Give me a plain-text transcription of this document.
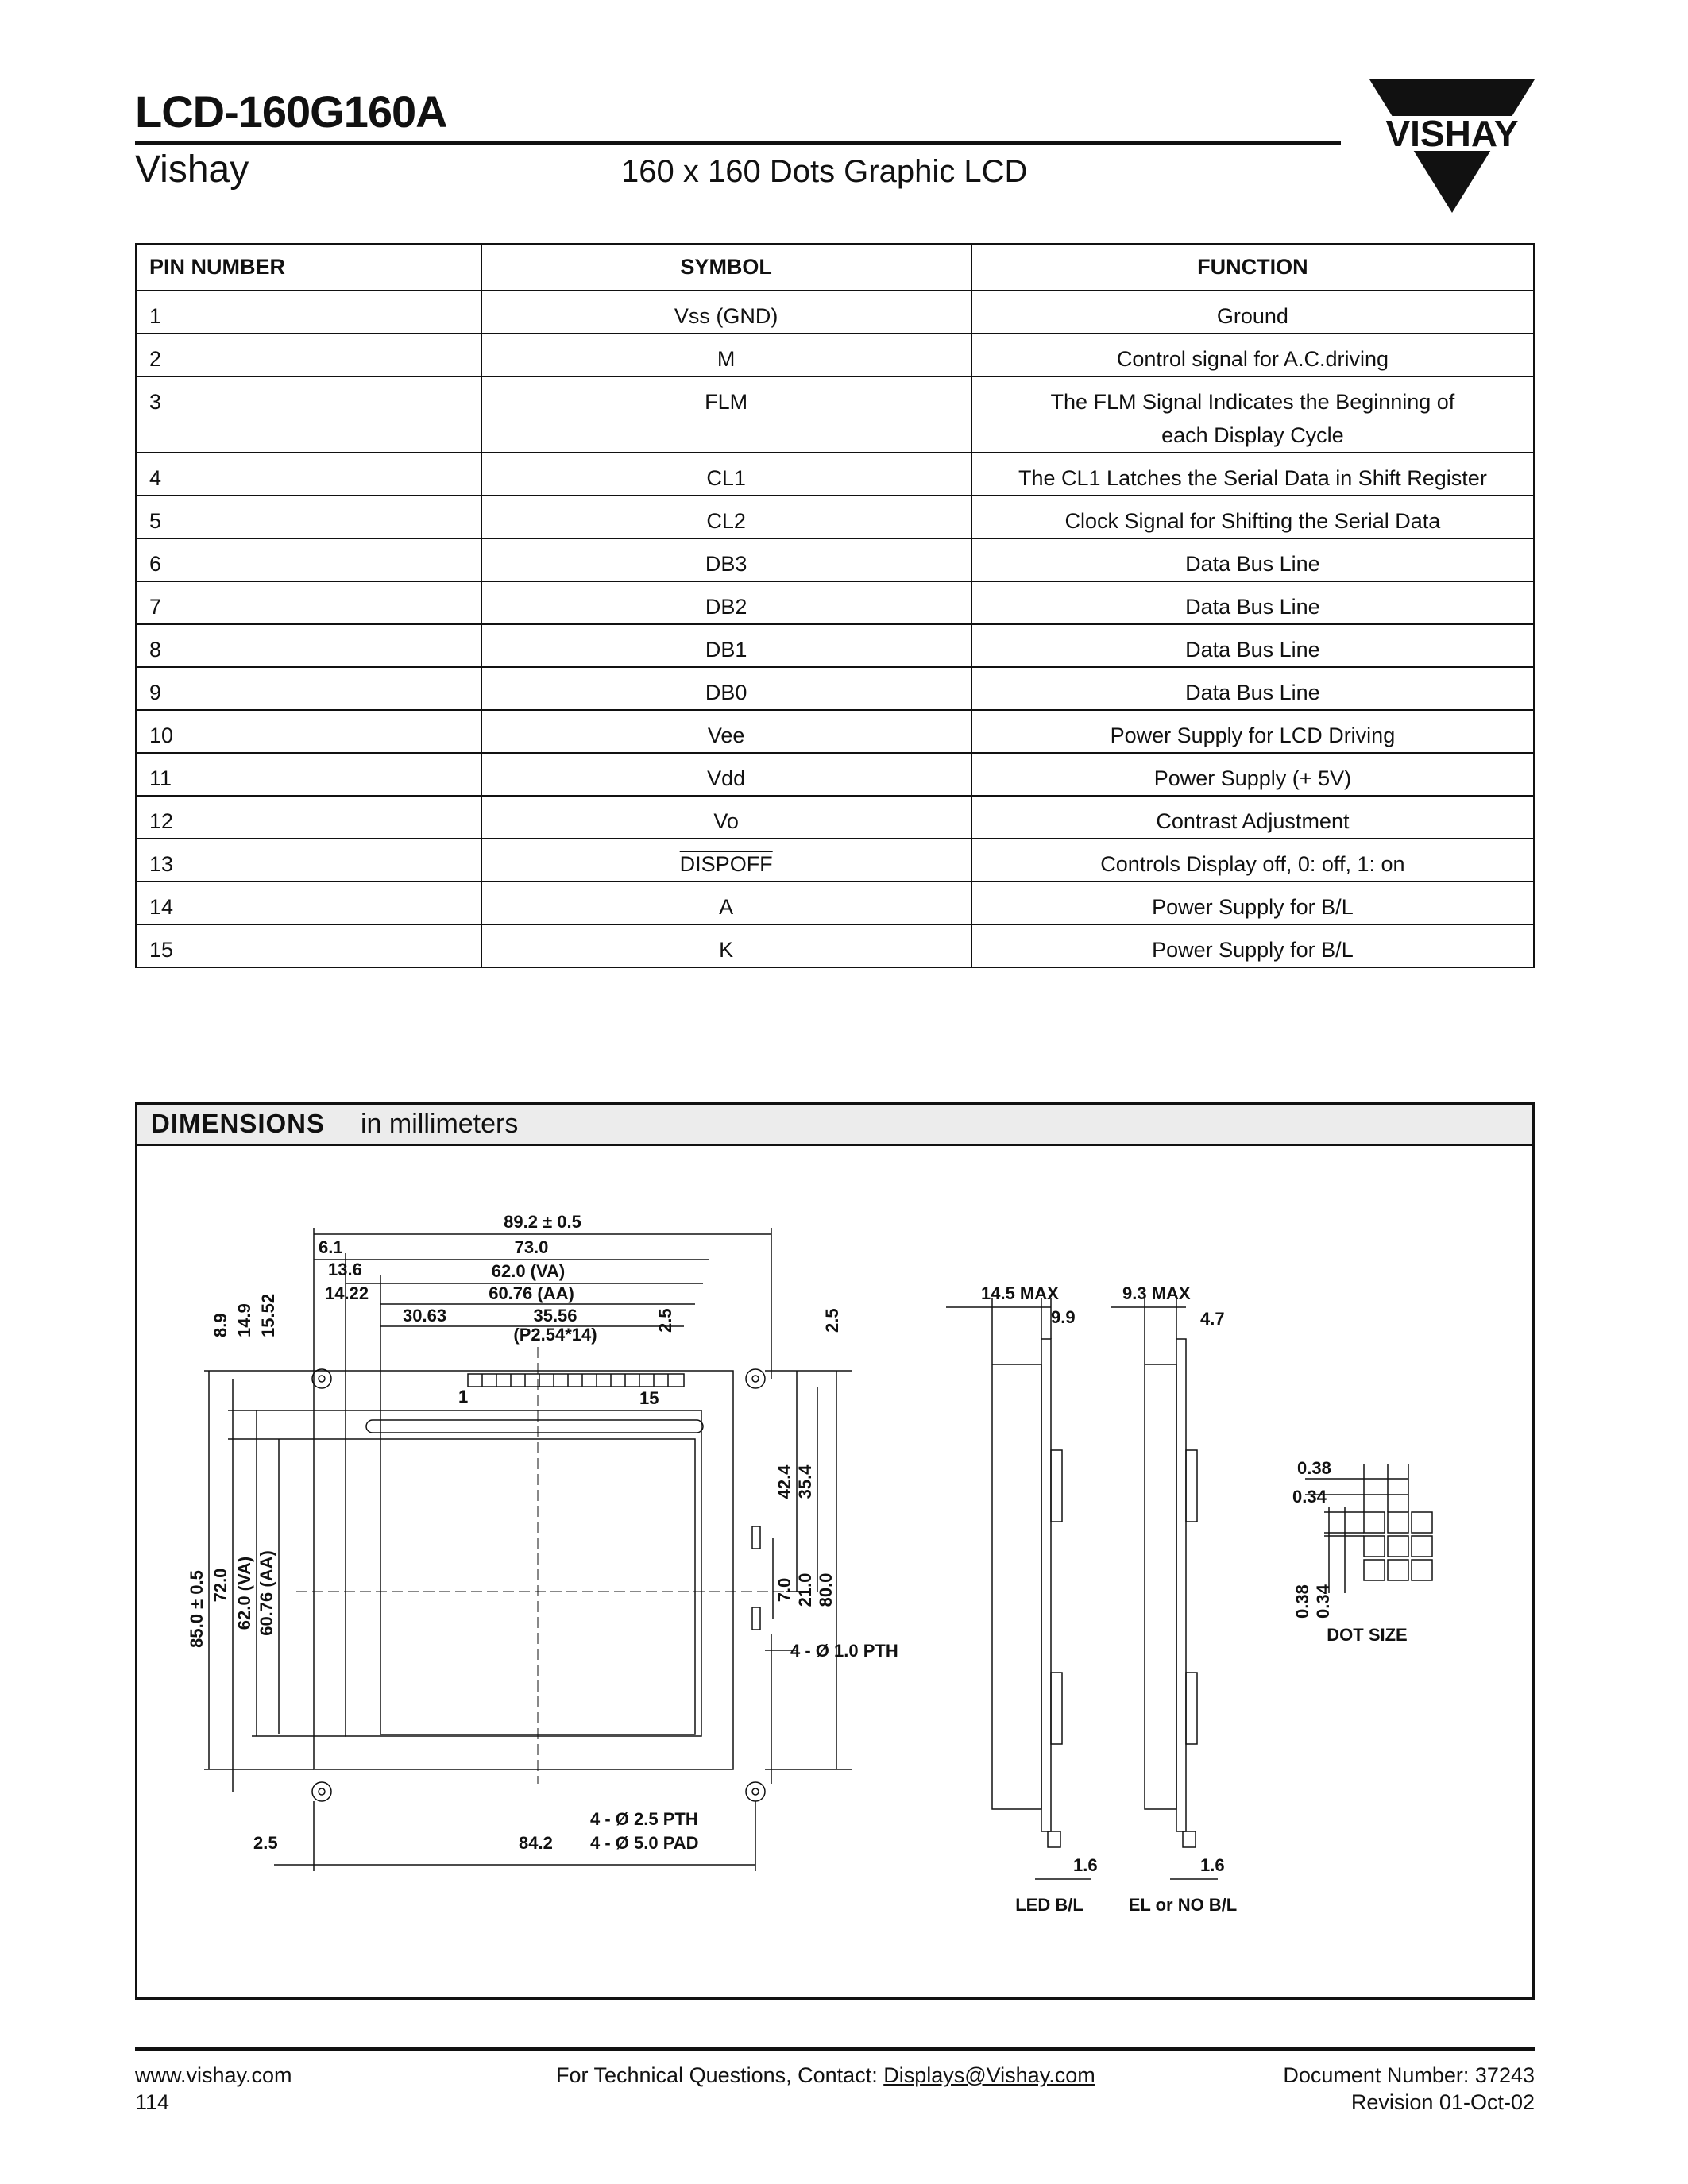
LCD-160G160A
Vishay	160 x 160 Dots Graphic LCD
VISHAY
PIN NUMBER	SYMBOL	FUNCTION
1	Vss (GND)	Ground
2	M	Control signal for A.C.driving
3	FLM	The FLM Signal Indicates the Beginning of
each Display Cycle

4	CL1	The CL1 Latches the Serial Data in Shift Register
5	CL2	Clock Signal for Shifting the Serial Data
6	DB3	Data Bus Line
7	DB2	Data Bus Line
8	DB1	Data Bus Line
9	DB0	Data Bus Line
10	Vee	Power Supply for LCD Driving
11	Vdd	Power Supply (+ 5V)
12	Vo	Contrast Adjustment
13	DISPOFF	Controls Display off, 0: off, 1: on
14	A	Power Supply for B/L
15	K	Power Supply for B/L
DIMENSIONS in millimeters
89.2 ± 0.5
6.1	73.0
13.6	62.0 (VA)
14.22	60.76 (AA)
30.63	35.56
(P2.54*14)
1	15
2.5	2.5
8.9 14.9 15.52
85.0 ± 0.5 72.0 62.0 (VA) 60.76 (AA)
42.4 35.4
7.0 21.0 80.0
4 - Ø 1.0 PTH
4 - Ø 2.5 PTH
4 - Ø 5.0 PAD
2.5	84.2
14.5 MAX
9.9
1.6
LED B/L
9.3 MAX
4.7
1.6
EL or NO B/L
0.38
0.34
0.38 0.34
DOT SIZE
www.vishay.com
114
For Technical Questions, Contact: Displays@Vishay.com	Document Number: 37243
Revision 01-Oct-02
